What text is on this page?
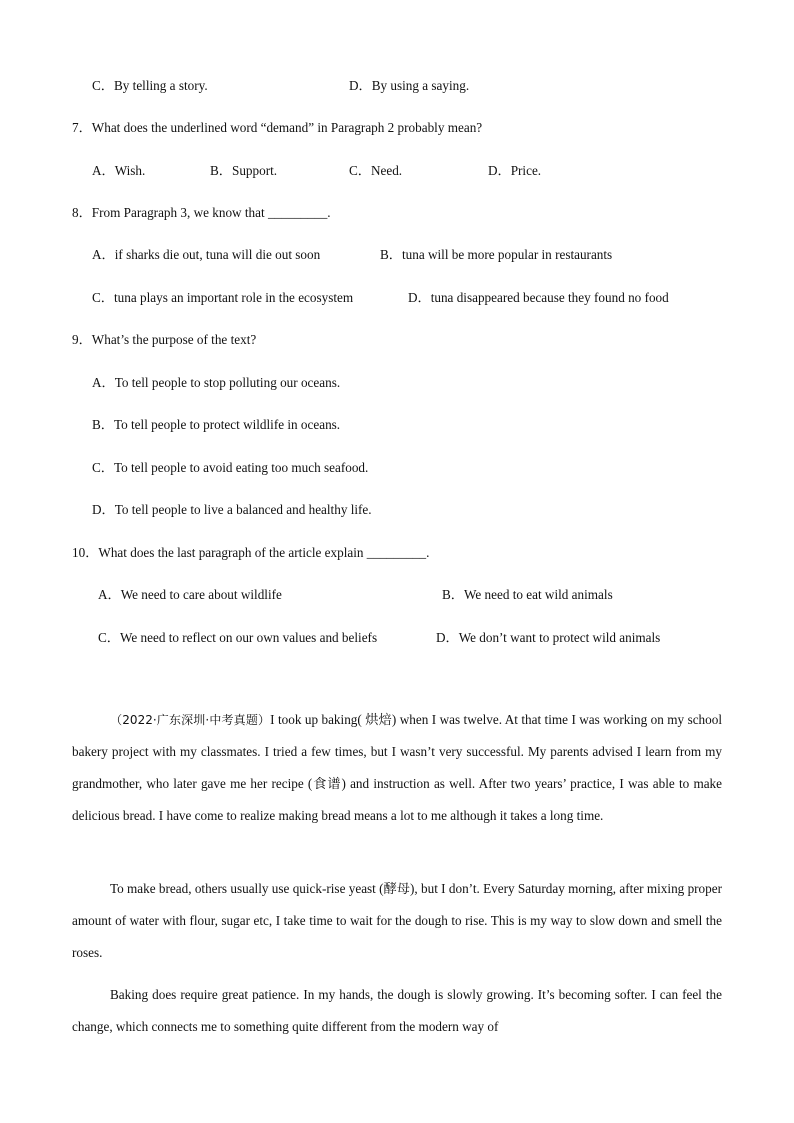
C．By telling a story.	D．By using a saying.
7．What does the underlined word “demand” in Paragraph 2 probably mean?
A．Wish.	B．Support.	C．Need.	D．Price.
8．From Paragraph 3, we know that _________.
A．if sharks die out, tuna will die out soon	B．tuna will be more popular in restaurants
C．tuna plays an important role in the ecosystem	D．tuna disappeared because they found no food
9．What’s the purpose of the text?
A．To tell people to stop polluting our oceans.
B．To tell people to protect wildlife in oceans.
C．To tell people to avoid eating too much seafood.
D．To tell people to live a balanced and healthy life.
10．What does the last paragraph of the article explain _________.
A．We need to care about wildlife	B．We need to eat wild animals
C．We need to reflect on our own values and beliefs	D．We don’t want to protect wild animals
（2022·广东深圳·中考真题）I took up baking( 烘焙) when I was twelve. At that time I was working on my school bakery project with my classmates. I tried a few times, but I wasn’t very successful. My parents advised I learn from my grandmother, who later gave me her recipe (食谱) and instruction as well. After two years’ practice, I was able to make delicious bread. I have come to realize making bread means a lot to me although it takes a long time.
To make bread, others usually use quick-rise yeast (酵母), but I don’t. Every Saturday morning, after mixing proper amount of water with flour, sugar etc, I take time to wait for the dough to rise. This is my way to slow down and smell the roses.
Baking does require great patience. In my hands, the dough is slowly growing. It’s becoming softer. I can feel the change, which connects me to something quite different from the modern way of
